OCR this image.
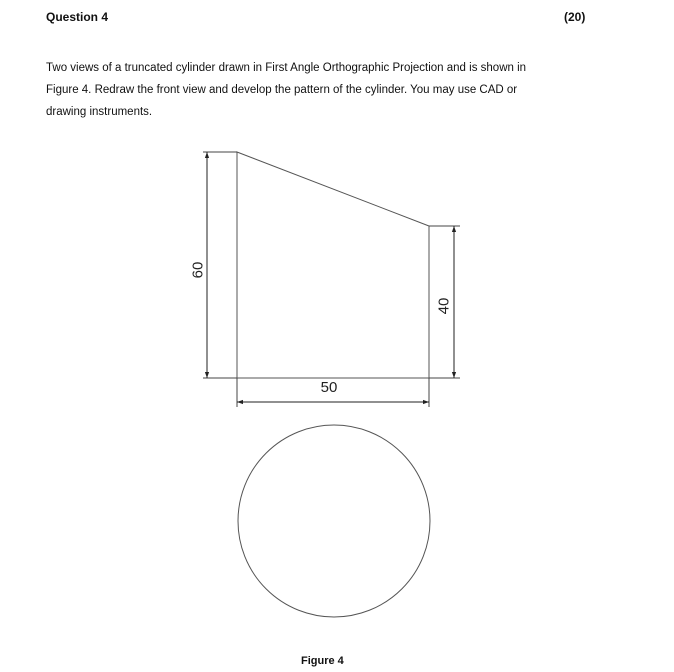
Question 4	(20)
Two views of a truncated cylinder drawn in First Angle Orthographic Projection and is shown in
Figure 4. Redraw the front view and develop the pattern of the cylinder. You may use CAD or
drawing instruments.
60
40
50
Figure 4
